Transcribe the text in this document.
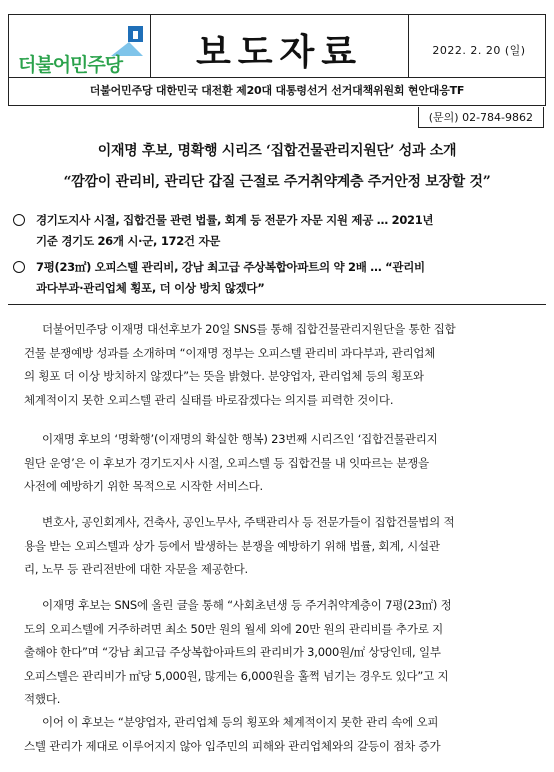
더불어민주당	보도자료	2022. 2. 20 (일)
더불어민주당 대한민국 대전환 제20대 대통령선거 선거대책위원회 현안대응TF
(문의) 02-784-9862
이재명 후보, 명확행 시리즈 ‘집합건물관리지원단’ 성과 소개
“깜깜이 관리비, 관리단 갑질 근절로 주거취약계층 주거안정 보장할 것”
경기도지사 시절, 집합건물 관련 법률, 회계 등 전문가 자문 지원 제공 … 2021년
기준 경기도 26개 시·군, 172건 자문
7평(23㎡) 오피스텔 관리비, 강남 최고급 주상복합아파트의 약 2배 … “관리비
과다부과·관리업체 횡포, 더 이상 방치 않겠다”
더불어민주당 이재명 대선후보가 20일 SNS를 통해 집합건물관리지원단을 통한 집합
건물 분쟁예방 성과를 소개하며 “이재명 정부는 오피스텔 관리비 과다부과, 관리업체
의 횡포 더 이상 방치하지 않겠다”는 뜻을 밝혔다. 분양업자, 관리업체 등의 횡포와
체계적이지 못한 오피스텔 관리 실태를 바로잡겠다는 의지를 피력한 것이다.
이재명 후보의 ‘명확행’(이재명의 확실한 행복) 23번째 시리즈인 ‘집합건물관리지
원단 운영’은 이 후보가 경기도지사 시절, 오피스텔 등 집합건물 내 잇따르는 분쟁을
사전에 예방하기 위한 목적으로 시작한 서비스다.
변호사, 공인회계사, 건축사, 공인노무사, 주택관리사 등 전문가들이 집합건물법의 적
용을 받는 오피스텔과 상가 등에서 발생하는 분쟁을 예방하기 위해 법률, 회계, 시설관
리, 노무 등 관리전반에 대한 자문을 제공한다.
이재명 후보는 SNS에 올린 글을 통해 “사회초년생 등 주거취약계층이 7평(23㎡) 정
도의 오피스텔에 거주하려면 최소 50만 원의 월세 외에 20만 원의 관리비를 추가로 지
출해야 한다”며 “강남 최고급 주상복합아파트의 관리비가 3,000원/㎡ 상당인데, 일부
오피스텔은 관리비가 ㎡당 5,000원, 많게는 6,000원을 훌쩍 넘기는 경우도 있다”고 지
적했다.
이어 이 후보는 “분양업자, 관리업체 등의 횡포와 체계적이지 못한 관리 속에 오피
스텔 관리가 제대로 이루어지지 않아 입주민의 피해와 관리업체와의 갈등이 점차 증가
